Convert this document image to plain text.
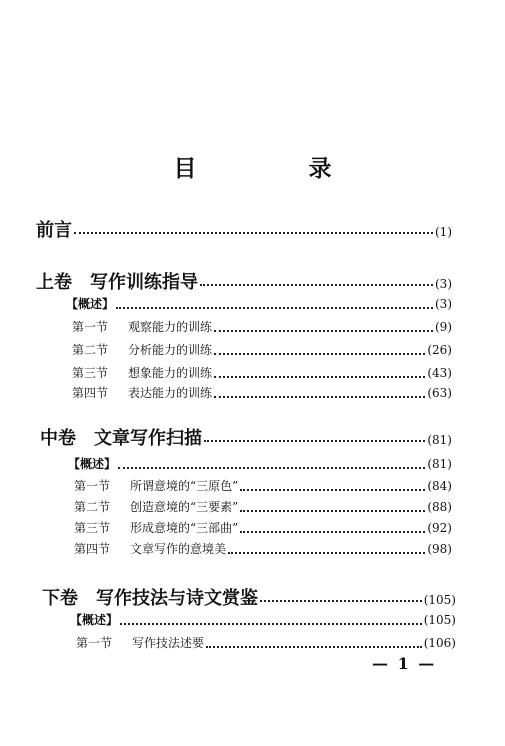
目 录
前言	(1)
上卷　写作训练指导	(3)
【概述】	(3)
第一节 观察能力的训练	(9)
第二节 分析能力的训练	(26)
第三节 想象能力的训练	(43)
第四节 表达能力的训练	(63)
中卷　文章写作扫描	(81)
【概述】	(81)
第一节 所谓意境的“三原色”	(84)
第二节 创造意境的“三要素”	(88)
第三节 形成意境的“三部曲”	(92)
第四节 文章写作的意境美	(98)
下卷　写作技法与诗文赏鉴	(105)
【概述】	(105)
第一节 写作技法述要	(106)
— 1 —
